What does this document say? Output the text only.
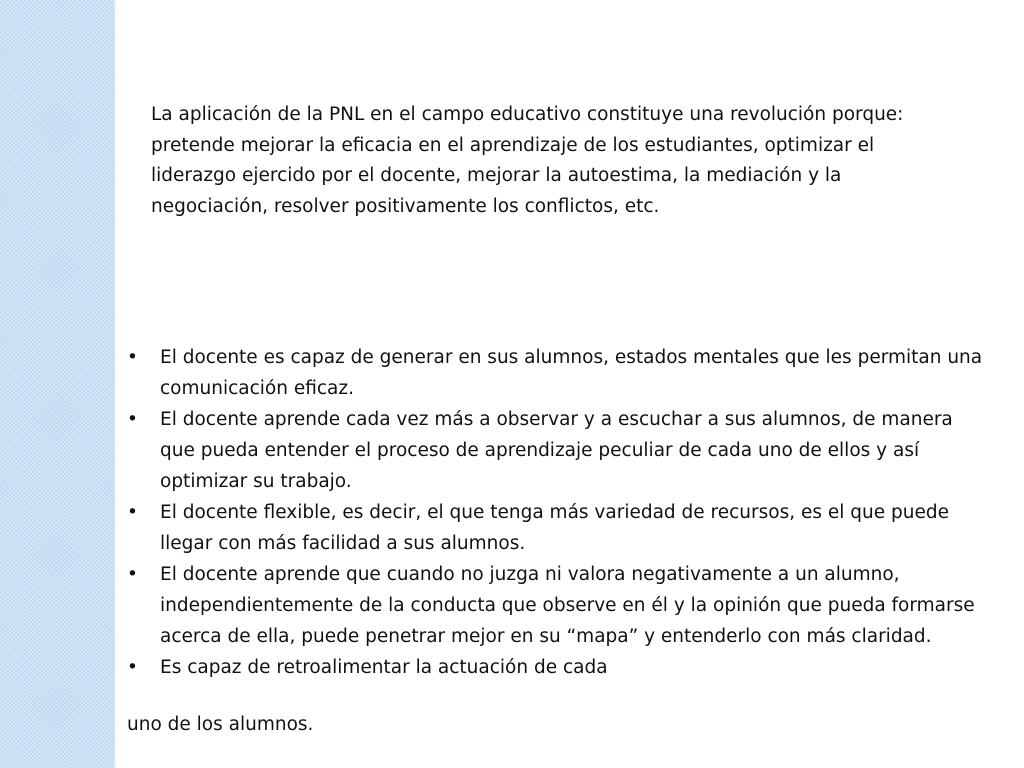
La aplicación de la PNL en el campo educativo constituye una revolución porque:

pretende mejorar la eficacia en el aprendizaje de los estudiantes, optimizar el liderazgo ejercido por el docente, mejorar la autoestima, la mediación y la negociación, resolver positivamente los conflictos, etc.

•	El docente es capaz de generar en sus alumnos, estados mentales que les permitan una comunicación eficaz.
•	El docente aprende cada vez más a observar y a escuchar a sus alumnos, de manera que pueda entender el proceso de aprendizaje peculiar de cada uno de ellos y así optimizar su trabajo.
•	El docente flexible, es decir, el que tenga más variedad de recursos, es el que puede llegar con más facilidad a sus alumnos.
•	El docente aprende que cuando no juzga ni valora negativamente a un alumno, independientemente de la conducta que observe en él y la opinión que pueda formarse acerca de ella, puede penetrar mejor en su “mapa” y entenderlo con más claridad.
•	Es capaz de retroalimentar la actuación de cada
uno de los alumnos.
